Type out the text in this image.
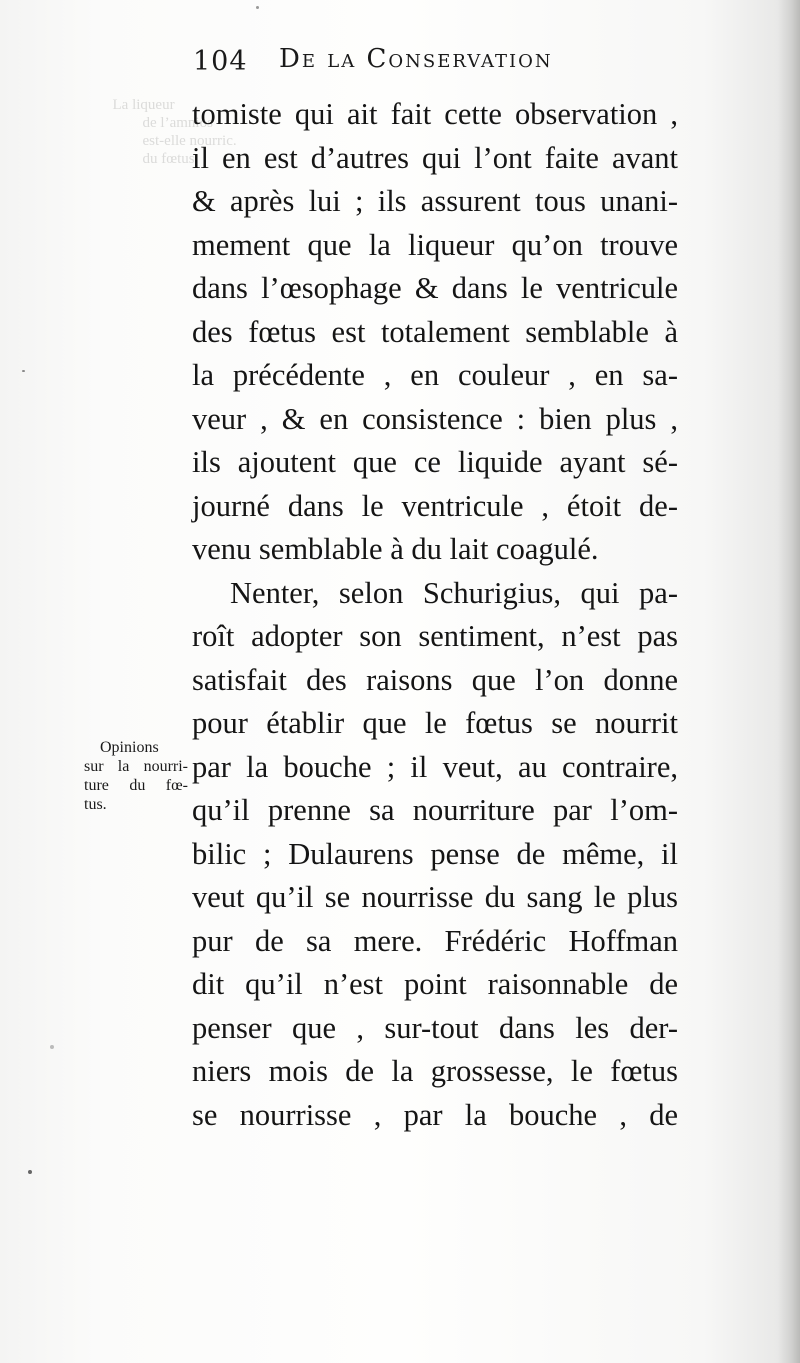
La liqueur
de l’amnios
est-elle nourric.
du fœtus.
104 De la Conservation
tomiste qui ait fait cette observation ,
il en est d’autres qui l’ont faite avant
& après lui ; ils assurent tous unani-
mement que la liqueur qu’on trouve
dans l’œsophage & dans le ventricule
des fœtus est totalement semblable à
la précédente , en couleur , en sa-
veur , & en consistence : bien plus ,
ils ajoutent que ce liquide ayant sé-
journé dans le ventricule , étoit de-
venu semblable à du lait coagulé.
Nenter, selon Schurigius, qui pa-
roît adopter son sentiment, n’est pas
satisfait des raisons que l’on donne
pour établir que le fœtus se nourrit
par la bouche ; il veut, au contraire,
qu’il prenne sa nourriture par l’om-
bilic ; Dulaurens pense de même, il
veut qu’il se nourrisse du sang le plus
pur de sa mere. Frédéric Hoffman
dit qu’il n’est point raisonnable de
penser que , sur-tout dans les der-
niers mois de la grossesse, le fœtus
se nourrisse , par la bouche , de
Opinions
sur la nourri-
ture du fœ-
tus.
